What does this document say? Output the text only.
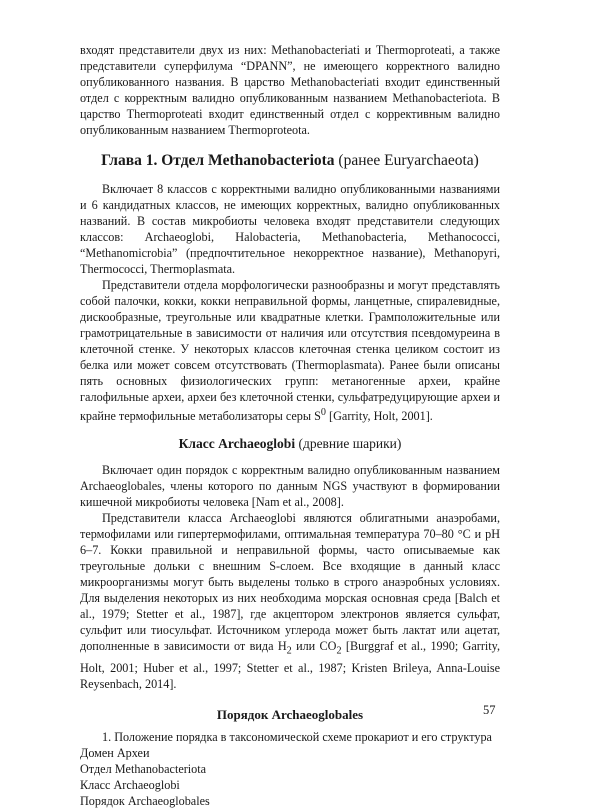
входят представители двух из них: Methanobacteriati и Thermoproteati, а также представители суперфилума “DPANN”, не имеющего корректного валидно опубликованного названия. В царство Methanobacteriati входит единственный отдел с корректным валидно опубликованным названием Methanobacteriota. В царство Thermoproteati входит единственный отдел с коррективным валидно опубликованным названием Thermoproteota.

Глава 1. Отдел Methanobacteriota (ранее Euryarchaeota)

Включает 8 классов с корректными валидно опубликованными названиями и 6 кандидатных классов, не имеющих корректных, валидно опубликованных названий. В состав микробиоты человека входят представители следующих классов: Archaeoglobi, Halobacteria, Methanobacteria, Methanococci, “Methanomicrobia” (предпочтительное некорректное название), Methanopyri, Thermococci, Thermoplasmata.

Представители отдела морфологически разнообразны и могут представлять собой палочки, кокки, кокки неправильной формы, ланцетные, спиралевидные, дискообразные, треугольные или квадратные клетки. Грамположительные или грамотрицательные в зависимости от наличия или отсутствия псевдомуреина в клеточной стенке. У некоторых классов клеточная стенка целиком состоит из белка или может совсем отсутствовать (Thermoplasmata). Ранее были описаны пять основных физиологических групп: метаногенные археи, крайне галофильные археи, археи без клеточной стенки, сульфатредуцирующие археи и крайне термофильные метаболизаторы серы $S^0$ [Garrity, Holt, 2001].

Класс Archaeoglobi (древние шарики)

Включает один порядок с корректным валидно опубликованным названием Archaeoglobales, члены которого по данным NGS участвуют в формировании кишечной микробиоты человека [Nam et al., 2008].

Представители класса Archaeoglobi являются облигатными анаэробами, термофилами или гипертермофилами, оптимальная температура 70–80 °C и pH 6–7. Кокки правильной и неправильной формы, часто описываемые как треугольные дольки с внешним S-слоем. Все входящие в данный класс микроорганизмы могут быть выделены только в строго анаэробных условиях. Для выделения некоторых из них необходима морская основная среда [Balch et al., 1979; Stetter et al., 1987], где акцептором электронов является сульфат, сульфит или тиосульфат. Источником углерода может быть лактат или ацетат, дополненные в зависимости от вида $H_2$ или $CO_2$ [Burggraf et al., 1990; Garrity, Holt, 2001; Huber et al., 1997; Stetter et al., 1987; Kristen Brileya, Anna-Louise Reysenbach, 2014].

Порядок Archaeoglobales
1. Положение порядка в таксономической схеме прокариот и его структура
Домен Археи
Отдел Methanobacteriota
Класс Archaeoglobi
Порядок Archaeoglobales
57
